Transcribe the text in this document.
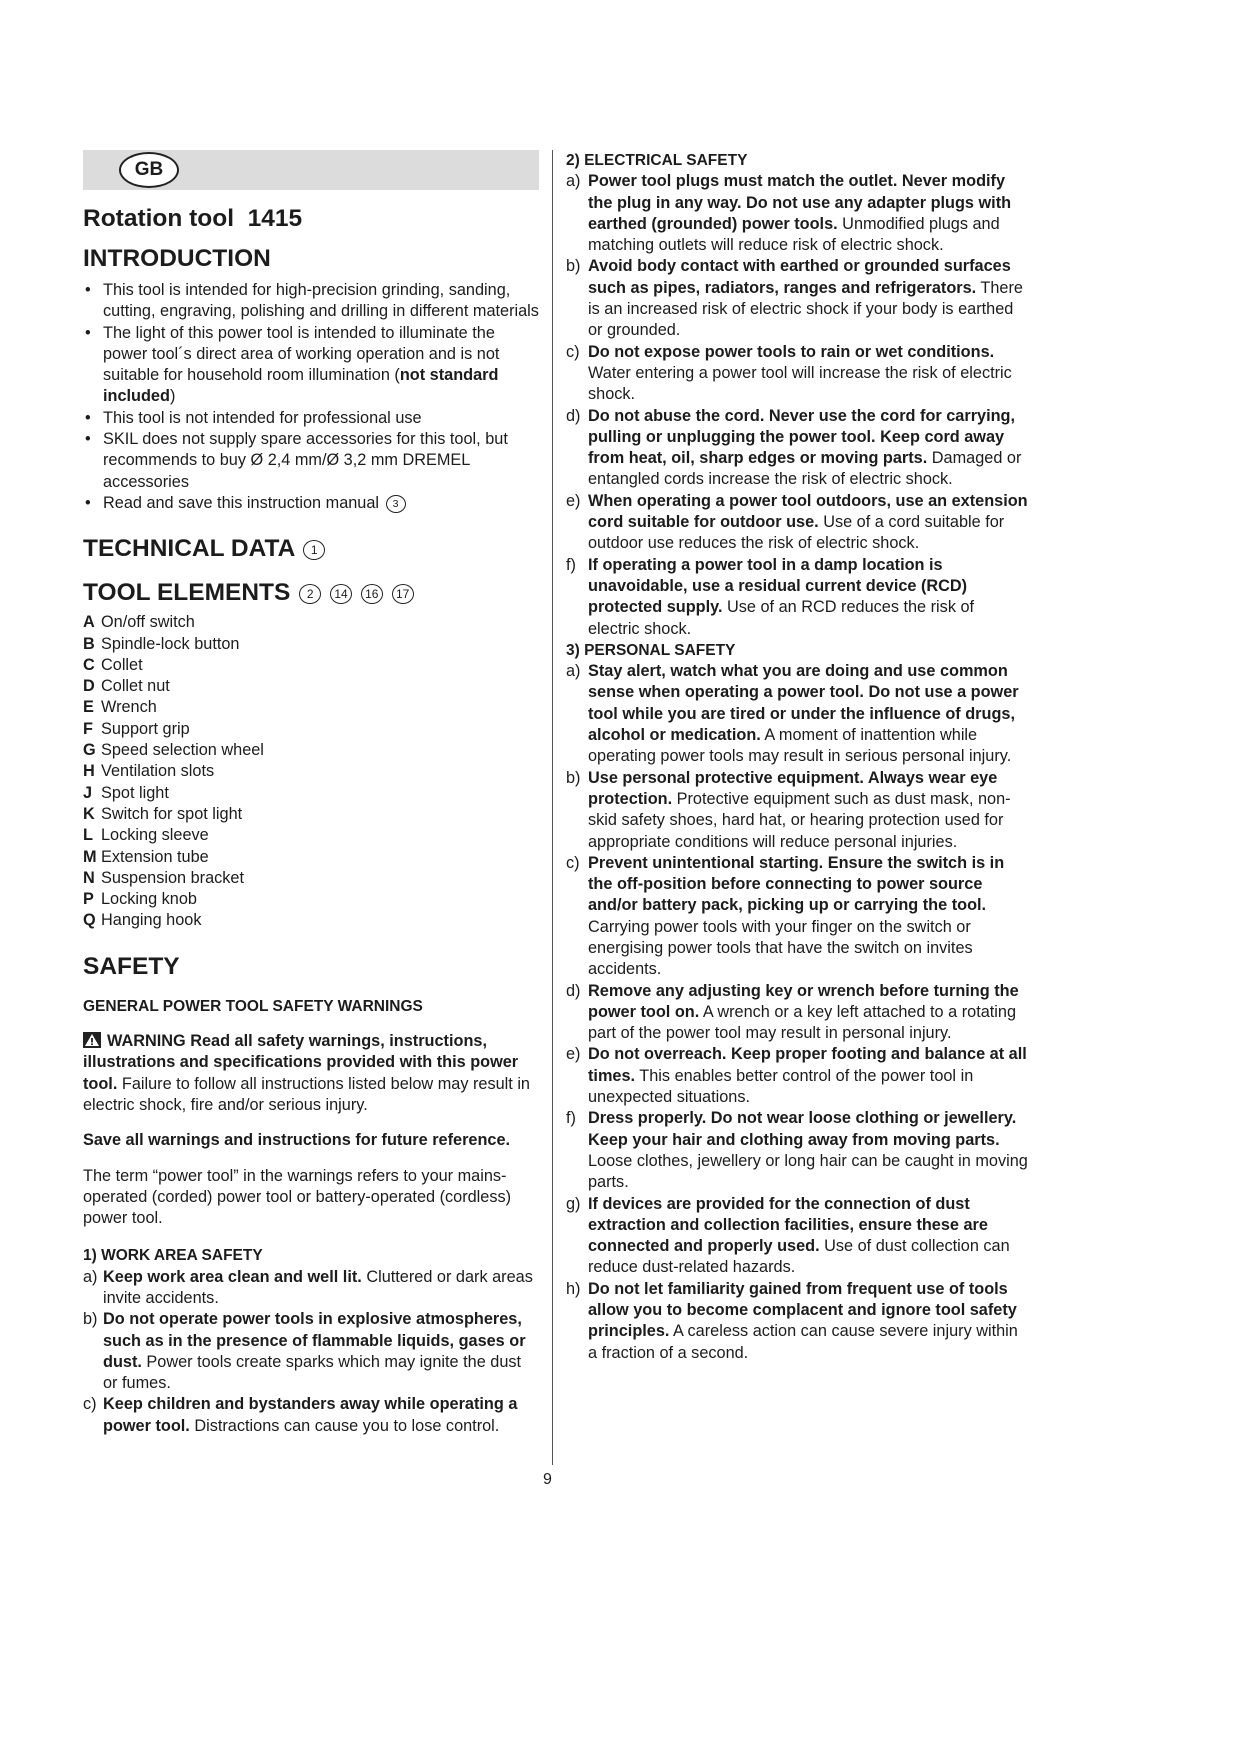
GB
Rotation tool 1415
INTRODUCTION
• This tool is intended for high-precision grinding, sanding, cutting, engraving, polishing and drilling in different materials
• The light of this power tool is intended to illuminate the power tool´s direct area of working operation and is not suitable for household room illumination (not standard included)
• This tool is not intended for professional use
• SKIL does not supply spare accessories for this tool, but recommends to buy Ø 2,4 mm/Ø 3,2 mm DREMEL accessories
• Read and save this instruction manual 3
TECHNICAL DATA 1
TOOL ELEMENTS 2 14 16 17
A On/off switch
B Spindle-lock button
C Collet
D Collet nut
E Wrench
F Support grip
G Speed selection wheel
H Ventilation slots
J Spot light
K Switch for spot light
L Locking sleeve
M Extension tube
N Suspension bracket
P Locking knob
Q Hanging hook
SAFETY
GENERAL POWER TOOL SAFETY WARNINGS
WARNING Read all safety warnings, instructions, illustrations and specifications provided with this power tool. Failure to follow all instructions listed below may result in electric shock, fire and/or serious injury.
Save all warnings and instructions for future reference.
The term “power tool” in the warnings refers to your mains-operated (corded) power tool or battery-operated (cordless) power tool.
1) WORK AREA SAFETY
a) Keep work area clean and well lit. Cluttered or dark areas invite accidents.
b) Do not operate power tools in explosive atmospheres, such as in the presence of flammable liquids, gases or dust. Power tools create sparks which may ignite the dust or fumes.
c) Keep children and bystanders away while operating a power tool. Distractions can cause you to lose control.
2) ELECTRICAL SAFETY
a) Power tool plugs must match the outlet. Never modify the plug in any way. Do not use any adapter plugs with earthed (grounded) power tools. Unmodified plugs and matching outlets will reduce risk of electric shock.
b) Avoid body contact with earthed or grounded surfaces such as pipes, radiators, ranges and refrigerators. There is an increased risk of electric shock if your body is earthed or grounded.
c) Do not expose power tools to rain or wet conditions. Water entering a power tool will increase the risk of electric shock.
d) Do not abuse the cord. Never use the cord for carrying, pulling or unplugging the power tool. Keep cord away from heat, oil, sharp edges or moving parts. Damaged or entangled cords increase the risk of electric shock.
e) When operating a power tool outdoors, use an extension cord suitable for outdoor use. Use of a cord suitable for outdoor use reduces the risk of electric shock.
f) If operating a power tool in a damp location is unavoidable, use a residual current device (RCD) protected supply. Use of an RCD reduces the risk of electric shock.
3) PERSONAL SAFETY
a) Stay alert, watch what you are doing and use common sense when operating a power tool. Do not use a power tool while you are tired or under the influence of drugs, alcohol or medication. A moment of inattention while operating power tools may result in serious personal injury.
b) Use personal protective equipment. Always wear eye protection. Protective equipment such as dust mask, non-skid safety shoes, hard hat, or hearing protection used for appropriate conditions will reduce personal injuries.
c) Prevent unintentional starting. Ensure the switch is in the off-position before connecting to power source and/or battery pack, picking up or carrying the tool. Carrying power tools with your finger on the switch or energising power tools that have the switch on invites accidents.
d) Remove any adjusting key or wrench before turning the power tool on. A wrench or a key left attached to a rotating part of the power tool may result in personal injury.
e) Do not overreach. Keep proper footing and balance at all times. This enables better control of the power tool in unexpected situations.
f) Dress properly. Do not wear loose clothing or jewellery. Keep your hair and clothing away from moving parts. Loose clothes, jewellery or long hair can be caught in moving parts.
g) If devices are provided for the connection of dust extraction and collection facilities, ensure these are connected and properly used. Use of dust collection can reduce dust-related hazards.
h) Do not let familiarity gained from frequent use of tools allow you to become complacent and ignore tool safety principles. A careless action can cause severe injury within a fraction of a second.
9
